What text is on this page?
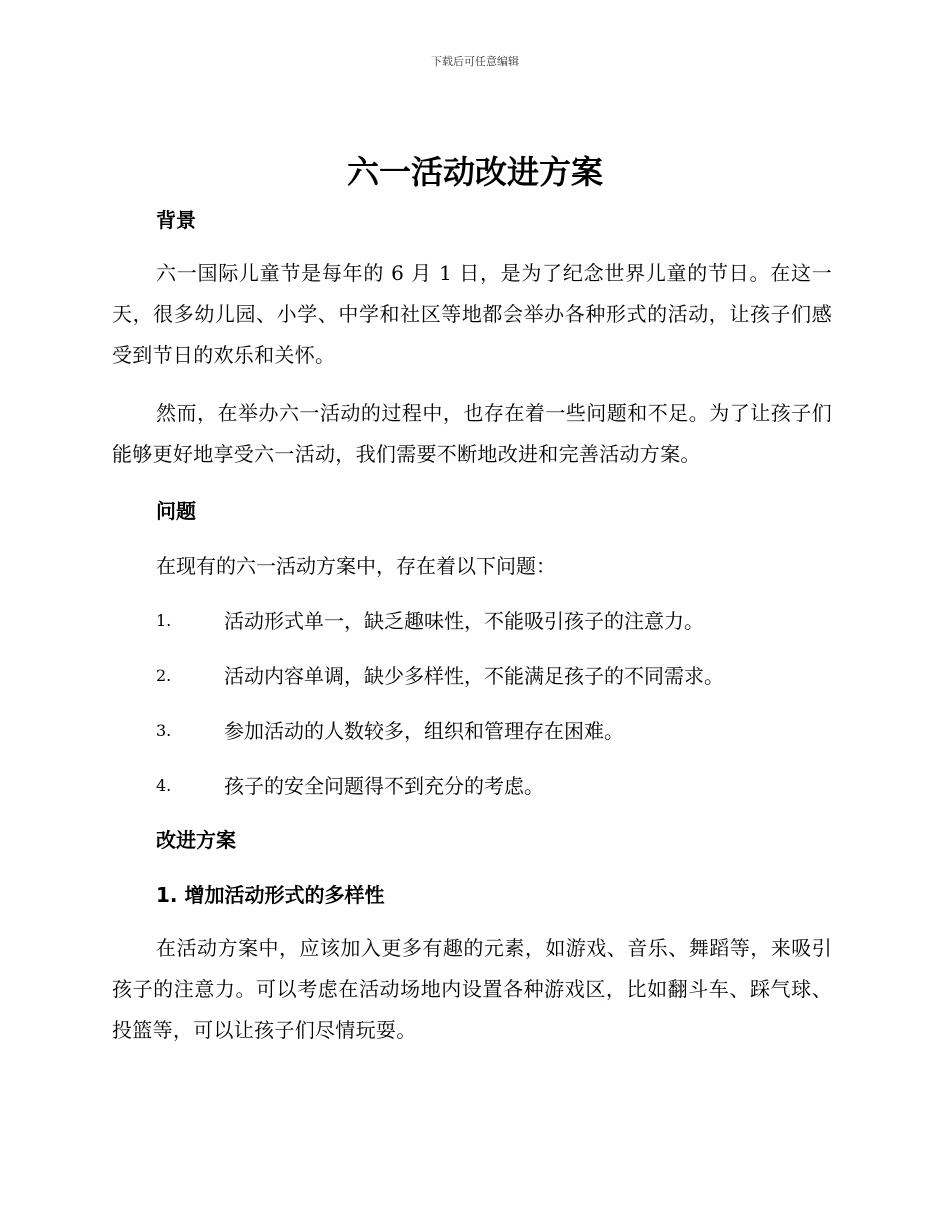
下载后可任意编辑
六一活动改进方案
背景

六一国际儿童节是每年的 6 月 1 日，是为了纪念世界儿童的节日。在这一天，很多幼儿园、小学、中学和社区等地都会举办各种形式的活动，让孩子们感受到节日的欢乐和关怀。

然而，在举办六一活动的过程中，也存在着一些问题和不足。为了让孩子们能够更好地享受六一活动，我们需要不断地改进和完善活动方案。

问题

在现有的六一活动方案中，存在着以下问题：

1.	活动形式单一，缺乏趣味性，不能吸引孩子的注意力。
2.	活动内容单调，缺少多样性，不能满足孩子的不同需求。
3.	参加活动的人数较多，组织和管理存在困难。
4.	孩子的安全问题得不到充分的考虑。
改进方案
1. 增加活动形式的多样性

在活动方案中，应该加入更多有趣的元素，如游戏、音乐、舞蹈等，来吸引孩子的注意力。可以考虑在活动场地内设置各种游戏区，比如翻斗车、踩气球、投篮等，可以让孩子们尽情玩耍。
